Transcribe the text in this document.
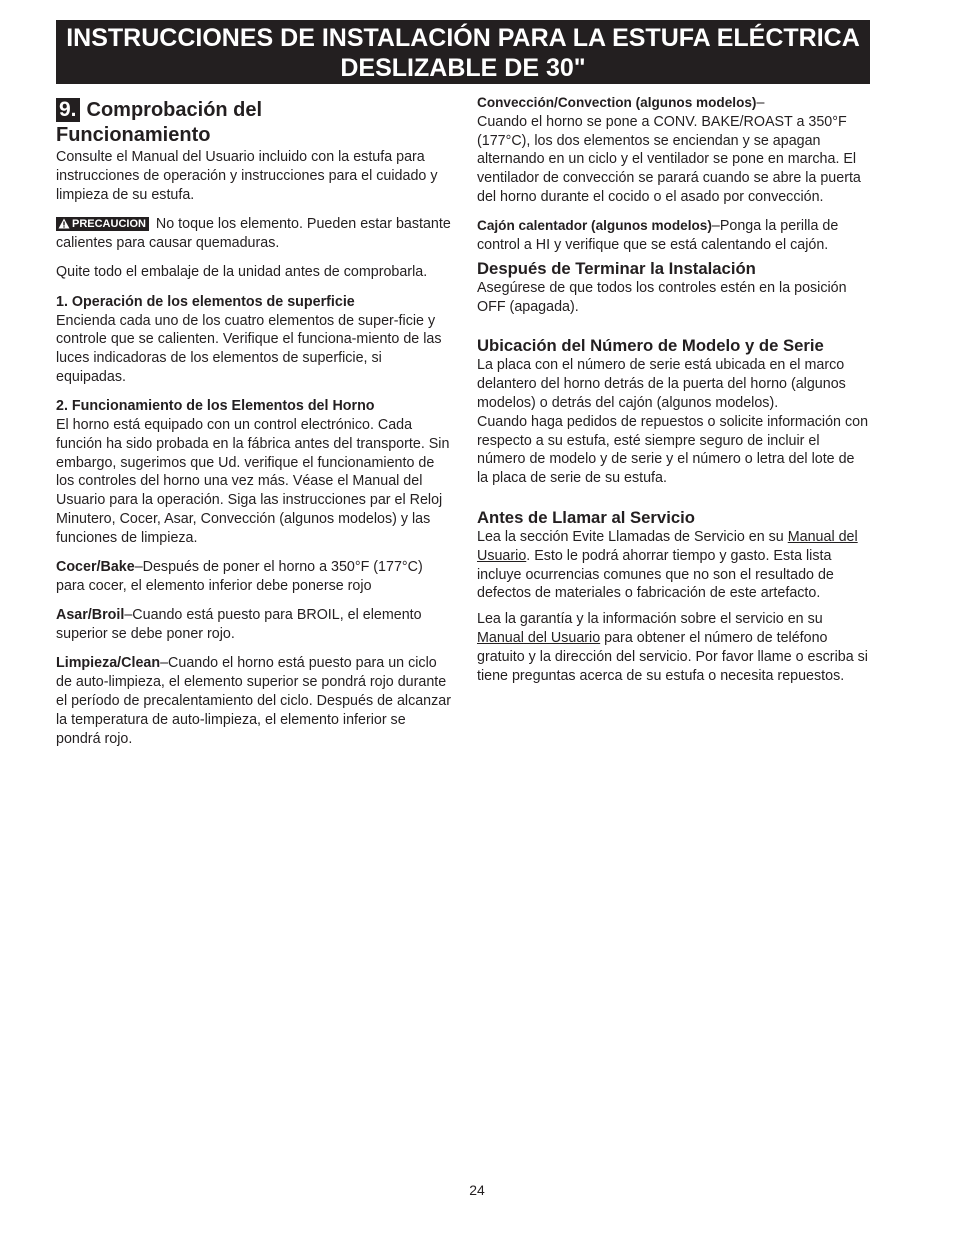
INSTRUCCIONES DE INSTALACIÓN PARA LA ESTUFA ELÉCTRICA
DESLIZABLE DE 30"
9. Comprobación del
Funcionamiento

Consulte el Manual del Usuario incluido con la estufa para instrucciones de operación y instrucciones para el cuidado y limpieza de su estufa.

PRECAUCION No toque los elemento. Pueden estar bastante calientes para causar quemaduras.

Quite todo el embalaje de la unidad antes de comprobarla.

1. Operación de los elementos de superficie

Encienda cada uno de los cuatro elementos de super-ficie y controle que se calienten. Verifique el funciona-miento de las luces indicadoras de los elementos de superficie, si equipadas.

2. Funcionamiento de los Elementos del Horno

El horno está equipado con un control electrónico. Cada función ha sido probada en la fábrica antes del transporte. Sin embargo, sugerimos que Ud. verifique el funcionamiento de los controles del horno una vez más. Véase el Manual del Usuario para la operación. Siga las instrucciones par el Reloj Minutero, Cocer, Asar, Convección (algunos modelos) y las funciones de limpieza.

Cocer/Bake–Después de poner el horno a 350°F (177°C) para cocer, el elemento inferior debe ponerse rojo

Asar/Broil–Cuando está puesto para BROIL, el elemento superior se debe poner rojo.

Limpieza/Clean–Cuando el horno está puesto para un ciclo de auto-limpieza, el elemento superior se pondrá rojo durante el período de precalentamiento del ciclo. Después de alcanzar la temperatura de auto-limpieza, el elemento inferior se pondrá rojo.

Convección/Convection (algunos modelos)–
Cuando el horno se pone a CONV. BAKE/ROAST a 350°F (177°C), los dos elementos se enciendan y se apagan alternando en un ciclo y el ventilador se pone en marcha. El ventilador de convección se parará cuando se abre la puerta del horno durante el cocido o el asado por convección.

Cajón calentador (algunos modelos)–Ponga la perilla de control a HI y verifique que se está calentando el cajón.

Después de Terminar la Instalación

Asegúrese de que todos los controles estén en la posición OFF (apagada).

Ubicación del Número de Modelo y de Serie

La placa con el número de serie está ubicada en el marco delantero del horno detrás de la puerta del horno (algunos modelos) o detrás del cajón (algunos modelos).

Cuando haga pedidos de repuestos o solicite información con respecto a su estufa, esté siempre seguro de incluir el número de modelo y de serie y el número o letra del lote de la placa de serie de su estufa.

Antes de Llamar al Servicio

Lea la sección Evite Llamadas de Servicio en su Manual del Usuario. Esto le podrá ahorrar tiempo y gasto. Esta lista incluye ocurrencias comunes que no son el resultado de defectos de materiales o fabricación de este artefacto.

Lea la garantía y la información sobre el servicio en su Manual del Usuario para obtener el número de teléfono gratuito y la dirección del servicio. Por favor llame o escriba si tiene preguntas acerca de su estufa o necesita repuestos.

24
